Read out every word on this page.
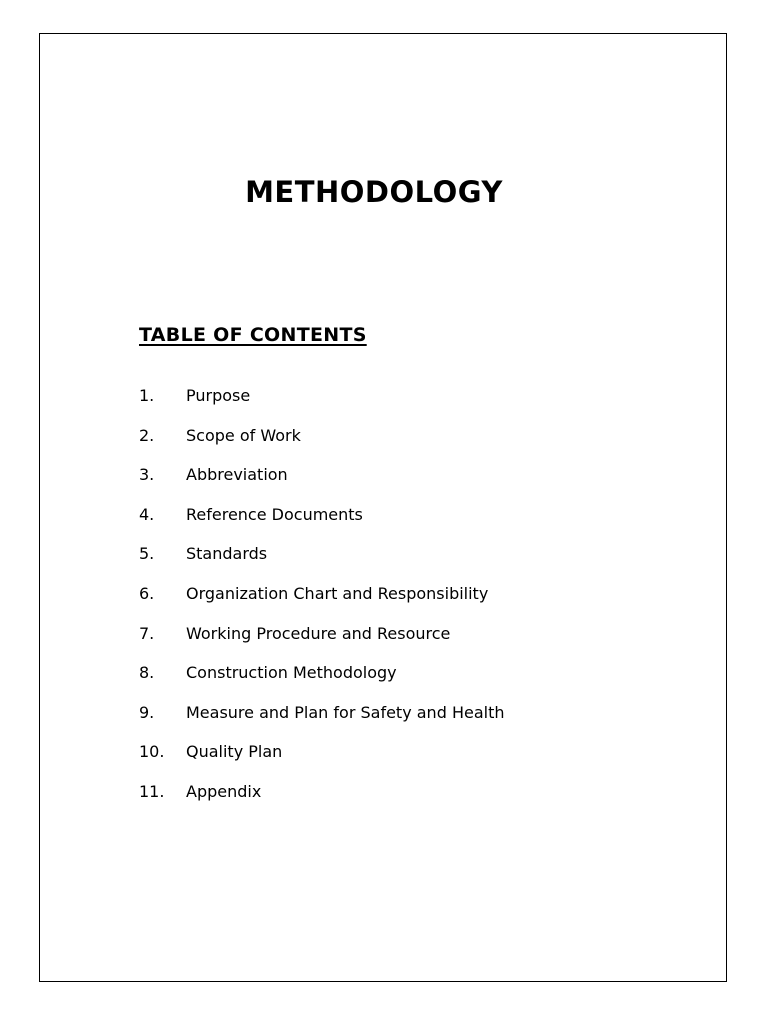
METHODOLOGY
TABLE OF CONTENTS
1.	Purpose
2.	Scope of Work
3.	Abbreviation
4.	Reference Documents
5.	Standards
6.	Organization Chart and Responsibility
7.	Working Procedure and Resource
8.	Construction Methodology
9.	Measure and Plan for Safety and Health
10.	Quality Plan
11.	Appendix
